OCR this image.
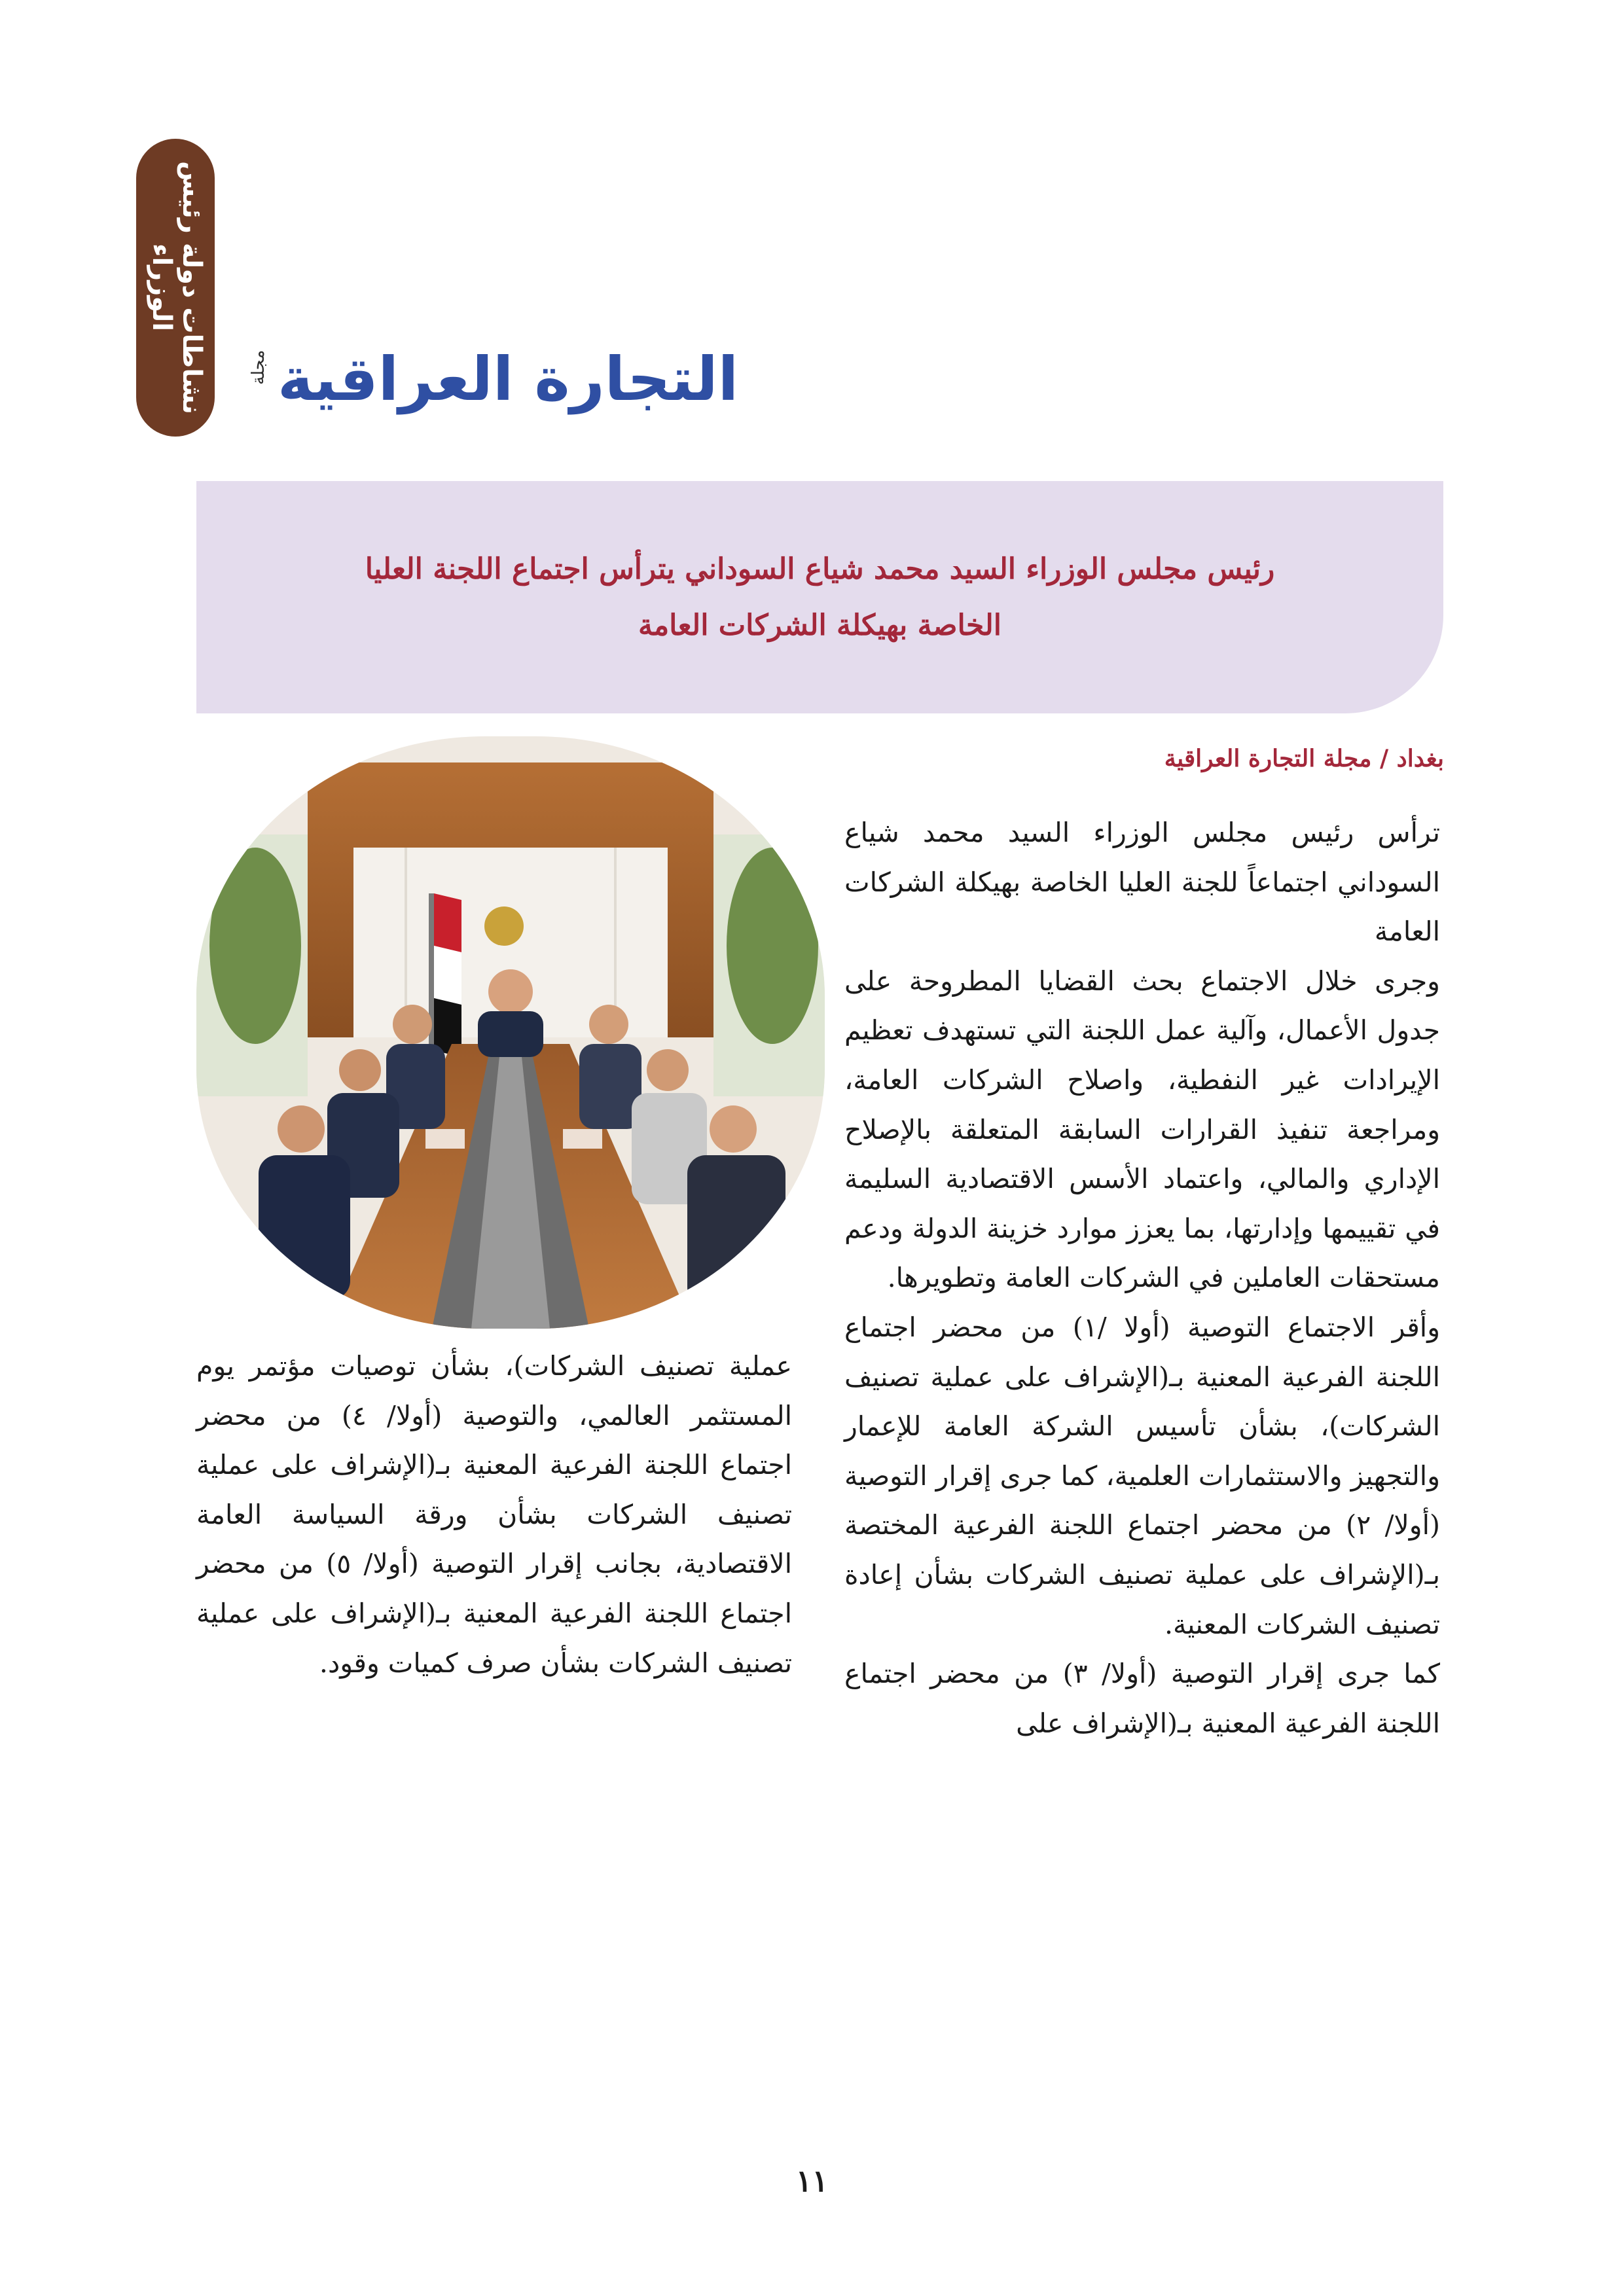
نشاطات دولة رئيس الوزراء
التجارة العراقية
مجلة
رئيس مجلس الوزراء السيد محمد شياع السوداني يترأس اجتماع اللجنة العليا
الخاصة بهيكلة الشركات العامة
بغداد / مجلة التجارة العراقية

ترأس رئيس مجلس الوزراء السيد محمد شياع السوداني اجتماعاً للجنة العليا الخاصة بهيكلة الشركات العامة

وجرى خلال الاجتماع بحث القضايا المطروحة على جدول الأعمال، وآلية عمل اللجنة التي تستهدف تعظيم الإيرادات غير النفطية، واصلاح الشركات العامة، ومراجعة تنفيذ القرارات السابقة المتعلقة بالإصلاح الإداري والمالي، واعتماد الأسس الاقتصادية السليمة في تقييمها وإدارتها، بما يعزز موارد خزينة الدولة ودعم مستحقات العاملين في الشركات العامة وتطويرها.

وأقر الاجتماع التوصية (أولا /١) من محضر اجتماع اللجنة الفرعية المعنية بـ(الإشراف على عملية تصنيف الشركات)، بشأن تأسيس الشركة العامة للإعمار والتجهيز والاستثمارات العلمية، كما جرى إقرار التوصية (أولا/ ٢) من محضر اجتماع اللجنة الفرعية المختصة بـ(الإشراف على عملية تصنيف الشركات بشأن إعادة تصنيف الشركات المعنية.

كما جرى إقرار التوصية (أولا/ ٣) من محضر اجتماع اللجنة الفرعية المعنية بـ(الإشراف على

عملية تصنيف الشركات)، بشأن توصيات مؤتمر يوم المستثمر العالمي، والتوصية (أولا/ ٤) من محضر اجتماع اللجنة الفرعية المعنية بـ(الإشراف على عملية تصنيف الشركات بشأن ورقة السياسة العامة الاقتصادية، بجانب إقرار التوصية (أولا/ ٥) من محضر اجتماع اللجنة الفرعية المعنية بـ(الإشراف على عملية تصنيف الشركات بشأن صرف كميات وقود.

١١
